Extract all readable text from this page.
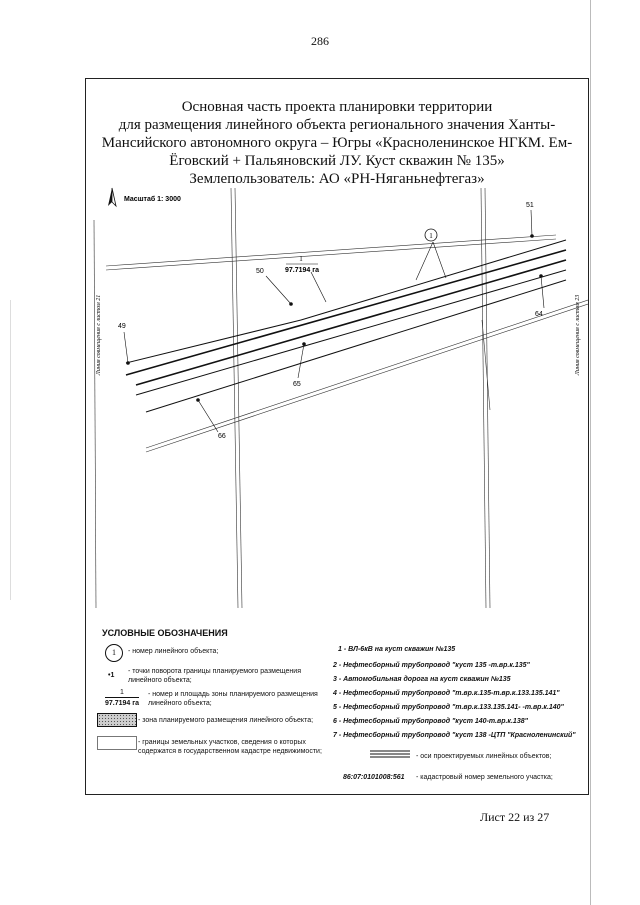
286
Основная часть проекта планировки территории
для размещения линейного объекта регионального значения Ханты-
Мансийского автономного округа – Югры «Красноленинское НГКМ. Ем-
Ёговский + Пальяновский ЛУ. Куст скважин № 135»
Землепользователь: АО «РН-Няганьнефтегаз»
Масштаб 1: 3000
1
1
97.7194 га
51
50
49
64
65
66
Линия совмещения с листом 21	Линия совмещения с листом 23
УСЛОВНЫЕ ОБОЗНАЧЕНИЯ
1	- номер линейного объекта;
•1
- точки поворота границы планируемого размещения линейного объекта;
1
97.7194 га
- номер и площадь зоны планируемого размещения линейного объекта;
- зона планируемого размещения линейного объекта;
- границы земельных участков, сведения о которых содержатся в государственном кадастре недвижимости;
1 - ВЛ-6кВ на куст скважин №135
2 - Нефтесборный трубопровод "куст 135 -т.вр.к.135"
3 - Автомобильная дорога на куст скважин №135
4 - Нефтесборный трубопровод "т.вр.к.135-т.вр.к.133.135.141"
5 - Нефтесборный трубопровод "т.вр.к.133.135.141- -т.вр.к.140"
6 - Нефтесборный трубопровод "куст 140-т.вр.к.138"
7 - Нефтесборный трубопровод "куст 138 -ЦТП "Красноленинский"
- оси проектируемых линейных объектов;
86:07:0101008:561 - кадастровый номер земельного участка;
Лист 22 из 27
